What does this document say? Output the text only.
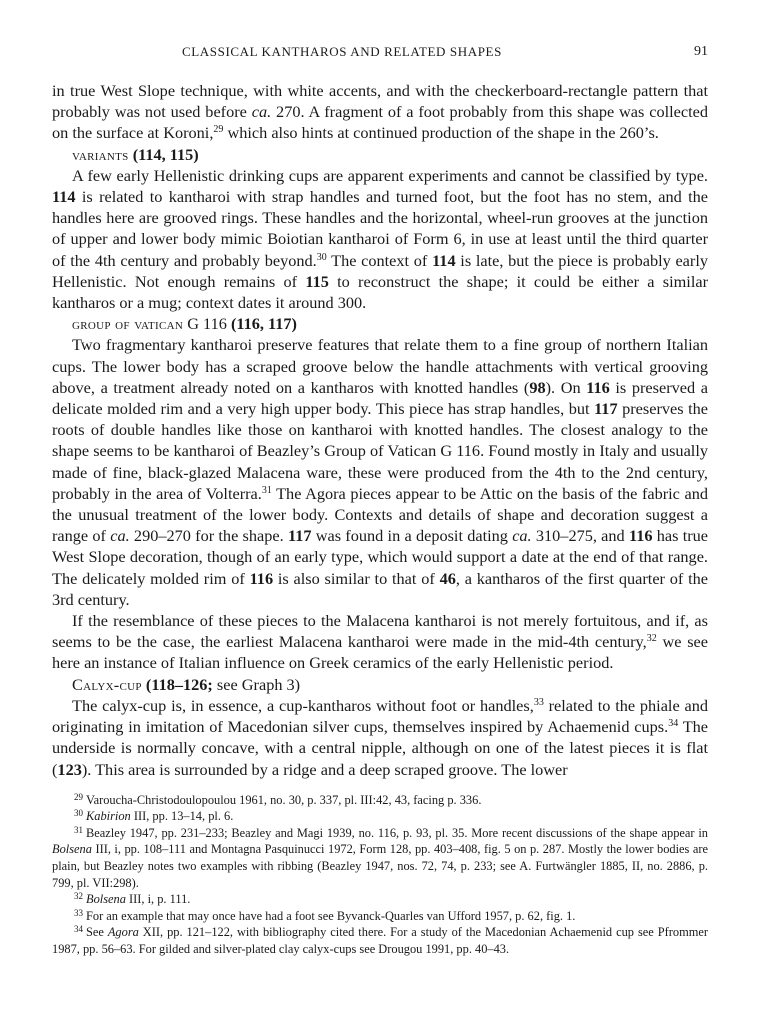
CLASSICAL KANTHAROS AND RELATED SHAPES	91

in true West Slope technique, with white accents, and with the checkerboard-rectangle pattern that probably was not used before ca. 270. A fragment of a foot probably from this shape was collected on the surface at Koroni,$^{29}$ which also hints at continued production of the shape in the 260’s.

variants (114, 115)

A few early Hellenistic drinking cups are apparent experiments and cannot be classified by type. 114 is related to kantharoi with strap handles and turned foot, but the foot has no stem, and the handles here are grooved rings. These handles and the horizontal, wheel-run grooves at the junction of upper and lower body mimic Boiotian kantharoi of Form 6, in use at least until the third quarter of the 4th century and probably beyond.$^{30}$ The context of 114 is late, but the piece is probably early Hellenistic. Not enough remains of 115 to reconstruct the shape; it could be either a similar kantharos or a mug; context dates it around 300.

group of vatican G 116 (116, 117)

Two fragmentary kantharoi preserve features that relate them to a fine group of northern Italian cups. The lower body has a scraped groove below the handle attachments with vertical grooving above, a treatment already noted on a kantharos with knotted handles (98). On 116 is preserved a delicate molded rim and a very high upper body. This piece has strap handles, but 117 preserves the roots of double handles like those on kantharoi with knotted handles. The closest analogy to the shape seems to be kantharoi of Beazley’s Group of Vatican G 116. Found mostly in Italy and usually made of fine, black-glazed Malacena ware, these were produced from the 4th to the 2nd century, probably in the area of Volterra.$^{31}$ The Agora pieces appear to be Attic on the basis of the fabric and the unusual treatment of the lower body. Contexts and details of shape and decoration suggest a range of ca. 290–270 for the shape. 117 was found in a deposit dating ca. 310–275, and 116 has true West Slope decoration, though of an early type, which would support a date at the end of that range. The delicately molded rim of 116 is also similar to that of 46, a kantharos of the first quarter of the 3rd century.

If the resemblance of these pieces to the Malacena kantharoi is not merely fortuitous, and if, as seems to be the case, the earliest Malacena kantharoi were made in the mid-4th century,$^{32}$ we see here an instance of Italian influence on Greek ceramics of the early Hellenistic period.

Calyx-cup (118–126; see Graph 3)

The calyx-cup is, in essence, a cup-kantharos without foot or handles,$^{33}$ related to the phiale and originating in imitation of Macedonian silver cups, themselves inspired by Achaemenid cups.$^{34}$ The underside is normally concave, with a central nipple, although on one of the latest pieces it is flat (123). This area is surrounded by a ridge and a deep scraped groove. The lower

$^{29}$ Varoucha-Christodoulopoulou 1961, no. 30, p. 337, pl. III:42, 43, facing p. 336.

$^{30}$ Kabirion III, pp. 13–14, pl. 6.

$^{31}$ Beazley 1947, pp. 231–233; Beazley and Magi 1939, no. 116, p. 93, pl. 35. More recent discussions of the shape appear in Bolsena III, i, pp. 108–111 and Montagna Pasquinucci 1972, Form 128, pp. 403–408, fig. 5 on p. 287. Mostly the lower bodies are plain, but Beazley notes two examples with ribbing (Beazley 1947, nos. 72, 74, p. 233; see A. Furtwängler 1885, II, no. 2886, p. 799, pl. VII:298).

$^{32}$ Bolsena III, i, p. 111.

$^{33}$ For an example that may once have had a foot see Byvanck-Quarles van Ufford 1957, p. 62, fig. 1.

$^{34}$ See Agora XII, pp. 121–122, with bibliography cited there. For a study of the Macedonian Achaemenid cup see Pfrommer 1987, pp. 56–63. For gilded and silver-plated clay calyx-cups see Drougou 1991, pp. 40–43.
